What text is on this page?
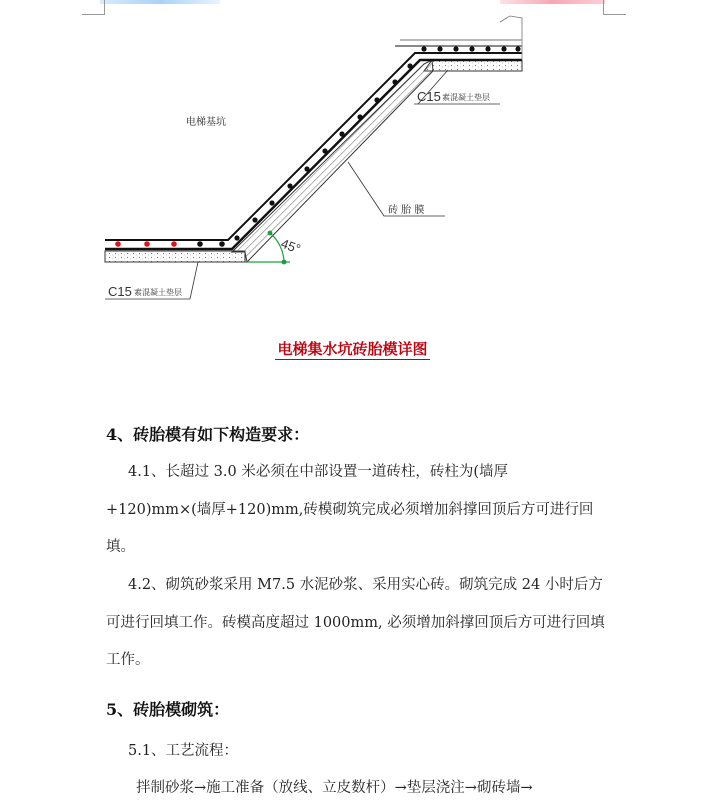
45°
电梯基坑
C15 素混凝土垫层
砖 胎 膜
C15 素混凝土垫层
电梯集水坑砖胎模详图
4、砖胎模有如下构造要求：
4.1、长超过 3.0 米必须在中部设置一道砖柱，砖柱为(墙厚+120)mm×(墙厚+120)mm,砖模砌筑完成必须增加斜撑回顶后方可进行回填。
4.2、砌筑砂浆采用 M7.5 水泥砂浆、采用实心砖。砌筑完成 24 小时后方可进行回填工作。砖模高度超过 1000mm, 必须增加斜撑回顶后方可进行回填工作。
5、砖胎模砌筑：
5.1、工艺流程：
拌制砂浆→施工准备（放线、立皮数杆）→垫层浇注→砌砖墙→
